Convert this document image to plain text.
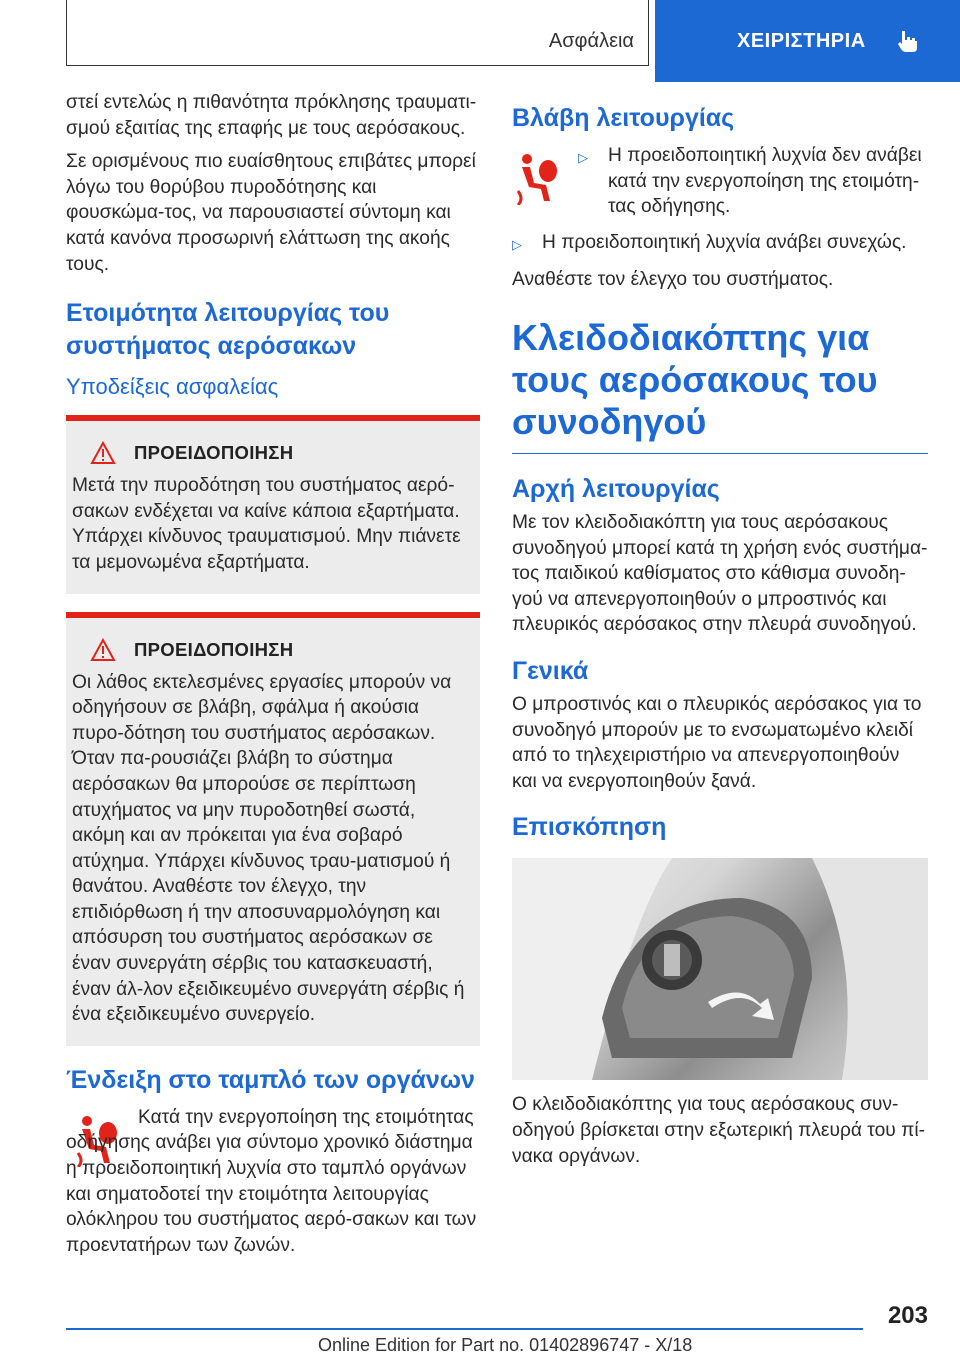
Ασφάλεια	ΧΕΙΡΙΣΤΗΡΙΑ

στεί εντελώς η πιθανότητα πρόκλησης τραυματι-σμού εξαιτίας της επαφής με τους αερόσακους.

Σε ορισμένους πιο ευαίσθητους επιβάτες μπορεί λόγω του θορύβου πυροδότησης και φουσκώμα-τος, να παρουσιαστεί σύντομη και κατά κανόνα προσωρινή ελάττωση της ακοής τους.

Ετοιμότητα λειτουργίας του συστήματος αερόσακων
Υποδείξεις ασφαλείας
ΠΡΟΕΙΔΟΠΟΙΗΣΗ

Μετά την πυροδότηση του συστήματος αερό-σακων ενδέχεται να καίνε κάποια εξαρτήματα. Υπάρχει κίνδυνος τραυματισμού. Μην πιάνετε τα μεμονωμένα εξαρτήματα.

ΠΡΟΕΙΔΟΠΟΙΗΣΗ

Οι λάθος εκτελεσμένες εργασίες μπορούν να οδηγήσουν σε βλάβη, σφάλμα ή ακούσια πυρο-δότηση του συστήματος αερόσακων. Όταν πα-ρουσιάζει βλάβη το σύστημα αερόσακων θα μπορούσε σε περίπτωση ατυχήματος να μην πυροδοτηθεί σωστά, ακόμη και αν πρόκειται για ένα σοβαρό ατύχημα. Υπάρχει κίνδυνος τραυ-ματισμού ή θανάτου. Αναθέστε τον έλεγχο, την επιδιόρθωση ή την αποσυναρμολόγηση και απόσυρση του συστήματος αερόσακων σε έναν συνεργάτη σέρβις του κατασκευαστή, έναν άλ-λον εξειδικευμένο συνεργάτη σέρβις ή ένα εξειδικευμένο συνεργείο.

Ένδειξη στο ταμπλό των οργάνων

Κατά την ενεργοποίηση της ετοιμότητας οδήγησης ανάβει για σύντομο χρονικό διάστημα η προειδοποιητική λυχνία στο ταμπλό οργάνων και σηματοδοτεί την ετοιμότητα λειτουργίας ολόκληρου του συστήματος αερό-σακων και των προεντατήρων των ζωνών.

Βλάβη λειτουργίας
▷	Η προειδοποιητική λυχνία δεν ανάβει κατά την ενεργοποίηση της ετοιμότη-τας οδήγησης.
▷	Η προειδοποιητική λυχνία ανάβει συνεχώς.

Αναθέστε τον έλεγχο του συστήματος.

Κλειδοδιακόπτης για τους αερόσακους του συνοδηγού
Αρχή λειτουργίας

Με τον κλειδοδιακόπτη για τους αερόσακους συνοδηγού μπορεί κατά τη χρήση ενός συστήμα-τος παιδικού καθίσματος στο κάθισμα συνοδη-γού να απενεργοποιηθούν ο μπροστινός και πλευρικός αερόσακος στην πλευρά συνοδηγού.

Γενικά

Ο μπροστινός και ο πλευρικός αερόσακος για το συνοδηγό μπορούν με το ενσωματωμένο κλειδί από το τηλεχειριστήριο να απενεργοποιηθούν και να ενεργοποιηθούν ξανά.

Επισκόπηση

Ο κλειδοδιακόπτης για τους αερόσακους συν-οδηγού βρίσκεται στην εξωτερική πλευρά του πί-νακα οργάνων.

203
Online Edition for Part no. 01402896747 - X/18
